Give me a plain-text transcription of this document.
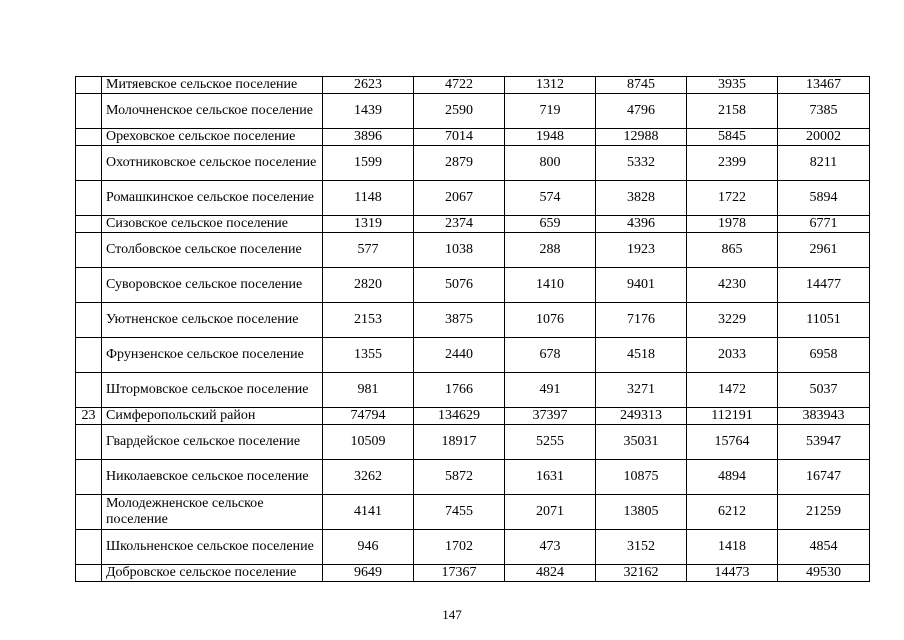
	Митяевское сельское поселение	2623	4722	1312	8745	3935	13467
	Молочненское сельское поселение	1439	2590	719	4796	2158	7385
	Ореховское сельское поселение	3896	7014	1948	12988	5845	20002
	Охотниковское сельское поселение	1599	2879	800	5332	2399	8211
	Ромашкинское сельское поселение	1148	2067	574	3828	1722	5894
	Сизовское сельское поселение	1319	2374	659	4396	1978	6771
	Столбовское сельское поселение	577	1038	288	1923	865	2961
	Суворовское сельское поселение	2820	5076	1410	9401	4230	14477
	Уютненское сельское поселение	2153	3875	1076	7176	3229	11051
	Фрунзенское сельское поселение	1355	2440	678	4518	2033	6958
	Штормовское сельское поселение	981	1766	491	3271	1472	5037
23	Симферопольский район	74794	134629	37397	249313	112191	383943
	Гвардейское сельское поселение	10509	18917	5255	35031	15764	53947
	Николаевское сельское поселение	3262	5872	1631	10875	4894	16747
	Молодежненское сельское поселение	4141	7455	2071	13805	6212	21259
	Школьненское сельское поселение	946	1702	473	3152	1418	4854
	Добровское сельское поселение	9649	17367	4824	32162	14473	49530
147
